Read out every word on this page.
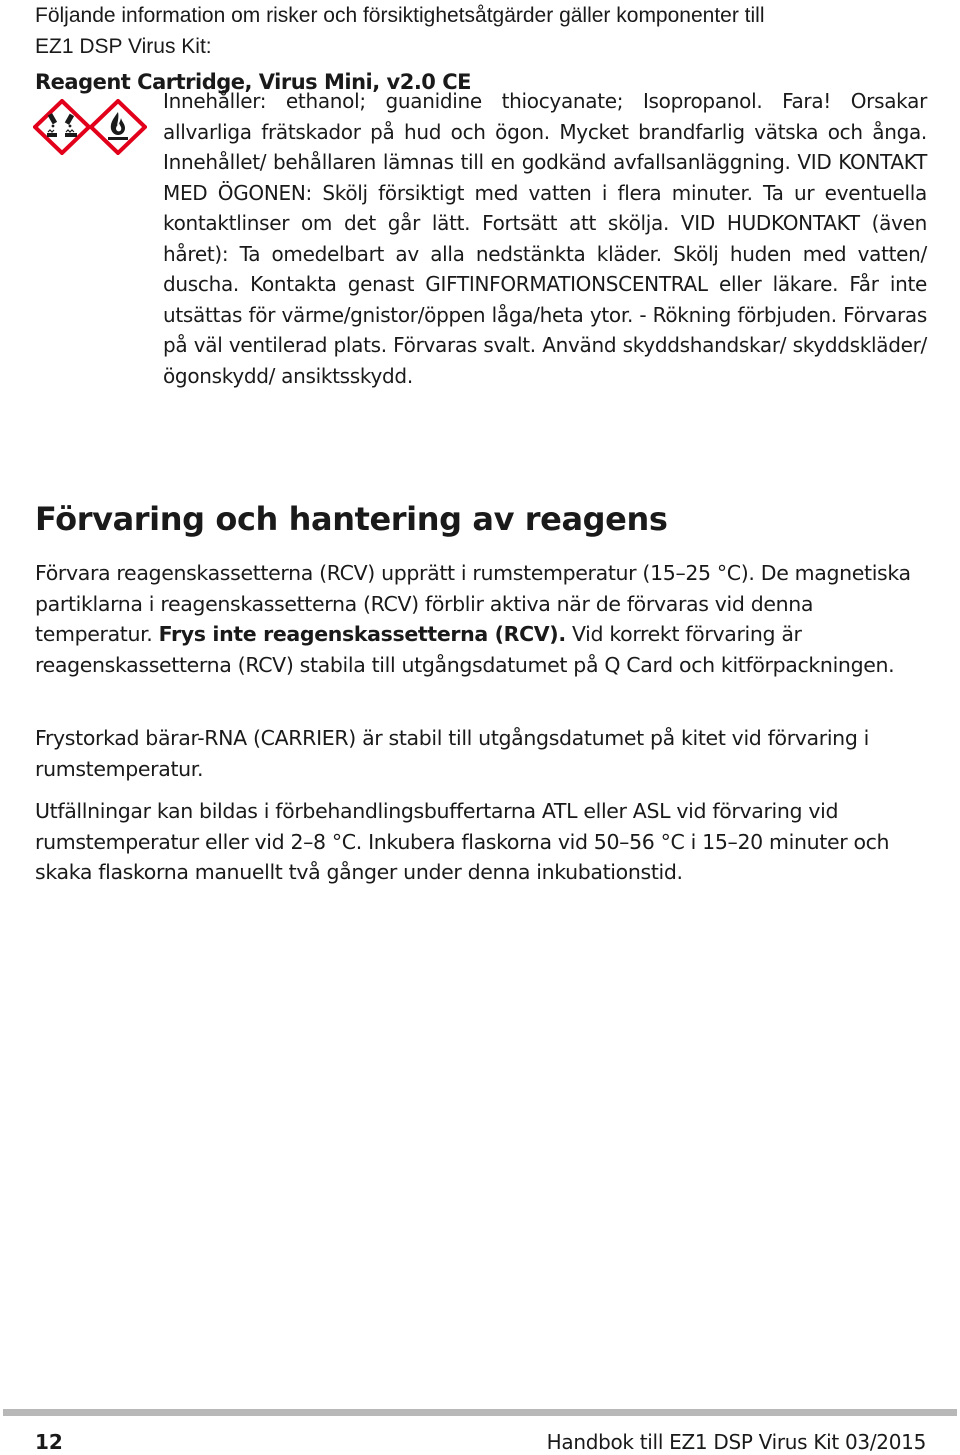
Följande information om risker och försiktighetsåtgärder gäller komponenter till
EZ1 DSP Virus Kit:
Reagent Cartridge, Virus Mini, v2.0 CE
Innehåller: ethanol; guanidine thiocyanate; Isopropanol. Fara! Orsakar allvarliga frätskador på hud och ögon. Mycket brandfarlig vätska och ånga. Innehållet/ behållaren lämnas till en godkänd avfallsanläggning. VID KONTAKT MED ÖGONEN: Skölj försiktigt med vatten i flera minuter. Ta ur eventuella kontaktlinser om det går lätt. Fortsätt att skölja. VID HUDKONTAKT (även håret): Ta omedelbart av alla nedstänkta kläder. Skölj huden med vatten/ duscha. Kontakta genast GIFTINFORMATIONSCENTRAL eller läkare. Får inte utsättas för värme/gnistor/öppen låga/heta ytor. - Rökning förbjuden. Förvaras på väl ventilerad plats. Förvaras svalt. Använd skyddshandskar/ skyddskläder/ ögonskydd/ ansiktsskydd.
Förvaring och hantering av reagens

Förvara reagenskassetterna (RCV) upprätt i rumstemperatur (15–25 °C). De magnetiska partiklarna i reagenskassetterna (RCV) förblir aktiva när de förvaras vid denna temperatur. Frys inte reagenskassetterna (RCV). Vid korrekt förvaring är reagenskassetterna (RCV) stabila till utgångsdatumet på Q Card och kitförpackningen.

Frystorkad bärar-RNA (CARRIER) är stabil till utgångsdatumet på kitet vid förvaring i rumstemperatur.

Utfällningar kan bildas i förbehandlingsbuffertarna ATL eller ASL vid förvaring vid rumstemperatur eller vid 2–8 °C. Inkubera flaskorna vid 50–56 °C i 15–20 minuter och skaka flaskorna manuellt två gånger under denna inkubationstid.

12	Handbok till EZ1 DSP Virus Kit 03/2015
